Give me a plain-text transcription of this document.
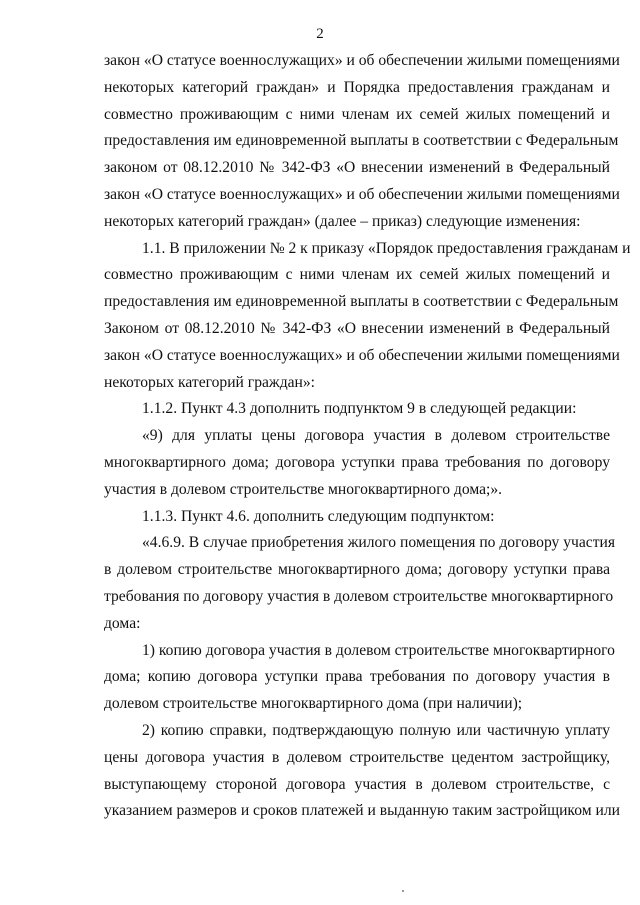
2
закон «О статусе военнослужащих» и об обеспечении жилыми помещениями
некоторых категорий граждан» и Порядка предоставления гражданам и
совместно проживающим с ними членам их семей жилых помещений и
предоставления им единовременной выплаты в соответствии с Федеральным
законом от 08.12.2010 № 342-ФЗ «О внесении изменений в Федеральный
закон «О статусе военнослужащих» и об обеспечении жилыми помещениями
некоторых категорий граждан» (далее – приказ) следующие изменения:
1.1. В приложении № 2 к приказу «Порядок предоставления гражданам и
совместно проживающим с ними членам их семей жилых помещений и
предоставления им единовременной выплаты в соответствии с Федеральным
Законом от 08.12.2010 № 342-ФЗ «О внесении изменений в Федеральный
закон «О статусе военнослужащих» и об обеспечении жилыми помещениями
некоторых категорий граждан»:
1.1.2. Пункт 4.3 дополнить подпунктом 9 в следующей редакции:
«9) для уплаты цены договора участия в долевом строительстве
многоквартирного дома; договора уступки права требования по договору
участия в долевом строительстве многоквартирного дома;».
1.1.3. Пункт 4.6. дополнить следующим подпунктом:
«4.6.9. В случае приобретения жилого помещения по договору участия
в долевом строительстве многоквартирного дома; договору уступки права
требования по договору участия в долевом строительстве многоквартирного
дома:
1) копию договора участия в долевом строительстве многоквартирного
дома; копию договора уступки права требования по договору участия в
долевом строительстве многоквартирного дома (при наличии);
2) копию справки, подтверждающую полную или частичную уплату
цены договора участия в долевом строительстве цедентом застройщику,
выступающему стороной договора участия в долевом строительстве, с
указанием размеров и сроков платежей и выданную таким застройщиком или
